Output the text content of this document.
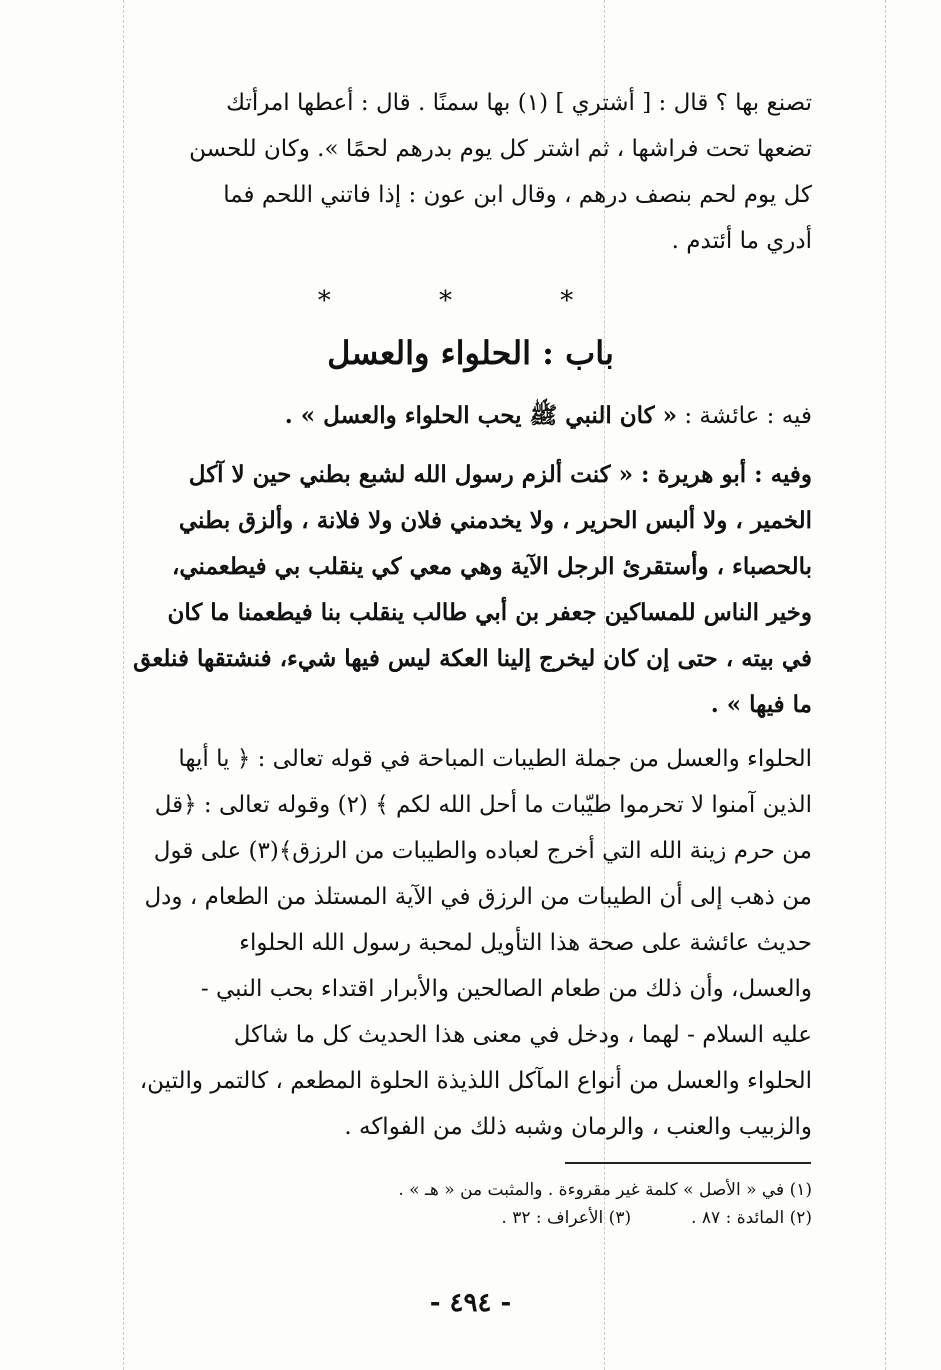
تصنع بها ؟ قال : [ أشتري ] (١) بها سمنًا . قال : أعطها امرأتك
تضعها تحت فراشها ، ثم اشتر كل يوم بدرهم لحمًا ». وكان للحسن
كل يوم لحم بنصف درهم ، وقال ابن عون : إذا فاتني اللحم فما
أدري ما أئتدم .
* * *
باب : الحلواء والعسل
فيه : عائشة : « كان النبي ﷺ يحب الحلواء والعسل » .
وفيه : أبو هريرة : « كنت ألزم رسول الله لشبع بطني حين لا آكل
الخمير ، ولا ألبس الحرير ، ولا يخدمني فلان ولا فلانة ، وألزق بطني
بالحصباء ، وأستقرئ الرجل الآية وهي معي كي ينقلب بي فيطعمني،
وخير الناس للمساكين جعفر بن أبي طالب ينقلب بنا فيطعمنا ما كان
في بيته ، حتى إن كان ليخرج إلينا العكة ليس فيها شيء، فنشتقها فنلعق
ما فيها » .
الحلواء والعسل من جملة الطيبات المباحة في قوله تعالى : ﴿ يا أيها
الذين آمنوا لا تحرموا طيّبات ما أحل الله لكم ﴾ (٢) وقوله تعالى : ﴿قل
من حرم زينة الله التي أخرج لعباده والطيبات من الرزق﴾(٣) على قول
من ذهب إلى أن الطيبات من الرزق في الآية المستلذ من الطعام ، ودل
حديث عائشة على صحة هذا التأويل لمحبة رسول الله الحلواء
والعسل، وأن ذلك من طعام الصالحين والأبرار اقتداء بحب النبي -
عليه السلام - لهما ، ودخل في معنى هذا الحديث كل ما شاكل
الحلواء والعسل من أنواع المآكل اللذيذة الحلوة المطعم ، كالتمر والتين،
والزبيب والعنب ، والرمان وشبه ذلك من الفواكه .
(١) في « الأصل » كلمة غير مقروءة . والمثبت من « هـ » .
(٢) المائدة : ٨٧ .
(٣) الأعراف : ٣٢ .
- ٤٩٤ -
